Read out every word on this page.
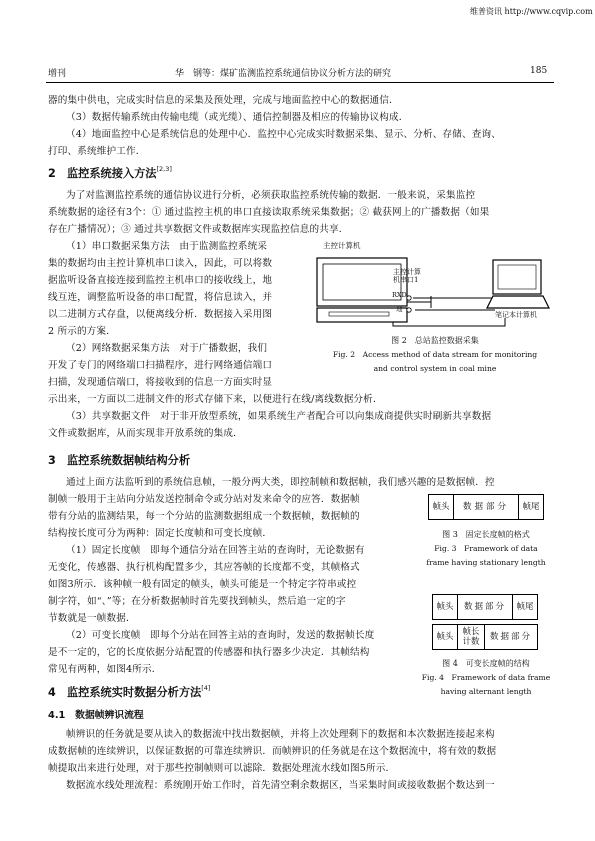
维普资讯 http://www.cqvip.com
增刊	华　钢等：煤矿监测监控系统通信协议分析方法的研究	185
器的集中供电，完成实时信息的采集及预处理，完成与地面监控中心的数据通信．
（3）数据传输系统由传输电缆（或光缆）、通信控制器及相应的传输协议构成．
（4）地面监控中心是系统信息的处理中心．监控中心完成实时数据采集、显示、分析、存储、查询、
打印、系统维护工作．
2　监控系统接入方法[2,3]
为了对监测监控系统的通信协议进行分析，必须获取监控系统传输的数据．一般来说，采集监控
系统数据的途径有3个：① 通过监控主机的串口直接读取系统采集数据；② 截获网上的广播数据（如果
存在广播情况）；③ 通过共享数据文件或数据库实现监控信息的共享．
（1）串口数据采集方法　由于监测监控系统采
集的数据均由主控计算机串口读入，因此，可以将数
据监听设备直接连接到监控主机串口的接收线上，地
线互连，调整监听设备的串口配置，将信息读入，并
以二进制方式存盘，以便离线分析．数据接入采用图
2 所示的方案．
（2）网络数据采集方法　对于广播数据，我们
开发了专门的网络端口扫描程序，进行网络通信端口
扫描，发现通信端口，将接收到的信息一方面实时显
示出来，一方面以二进制文件的形式存储下来，以便进行在线/离线数据分析．
（3）共享数据文件　对于非开放型系统，如果系统生产者配合可以向集成商提供实时刷新共享数据
文件或数据库，从而实现非开放系统的集成．
主控计算机
主控计算
机串口1
RXD
地
笔记本计算机
图 2　总站监控数据采集
Fig. 2　Access method of data stream for monitoring
and control system in coal mine
3　监控系统数据帧结构分析
通过上面方法监听到的系统信息帧，一般分两大类，即控制帧和数据帧，我们感兴趣的是数据帧．控
制帧一般用于主站向分站发送控制命令或分站对发来命令的应答．数据帧
带有分站的监测结果，每一个分站的监测数据组成一个数据帧，数据帧的
结构按长度可分为两种：固定长度帧和可变长度帧．
（1）固定长度帧　即每个通信分站在回答主站的查询时，无论数据有
无变化，传感器、执行机构配置多少，其应答帧的长度都不变，其帧格式
如图3所示．该种帧一般有固定的帧头，帧头可能是一个特定字符串或控
制字符，如“、”等；在分析数据帧时首先要找到帧头，然后追一定的字
节数就是一帧数据．
（2）可变长度帧　即每个分站在回答主站的查询时，发送的数据帧长度
是不一定的，它的长度依据分站配置的传感器和执行器多少决定．其帧结构
常见有两种，如图4所示．
帧头	数据部分	帧尾
图 3　固定长度帧的格式
Fig. 3　Framework of data
frame having stationary length
帧头	数据部分	帧尾
帧头	帧长计数	数据部分
图 4　可变长度帧的结构
Fig. 4　Framework of data frame
having alternant length
4　监控系统实时数据分析方法[4]
4.1　数据帧辨识流程
帧辨识的任务就是要从读入的数据流中找出数据帧，并将上次处理剩下的数据和本次数据连接起来构
成数据帧的连续辨识，以保证数据的可靠连续辨识．而帧辨识的任务就是在这个数据流中，将有效的数据
帧提取出来进行处理，对于那些控制帧则可以滤除．数据处理流水线如图5所示．
数据流水线处理流程：系统刚开始工作时，首先清空剩余数据区，当采集时间或接收数据个数达到一
